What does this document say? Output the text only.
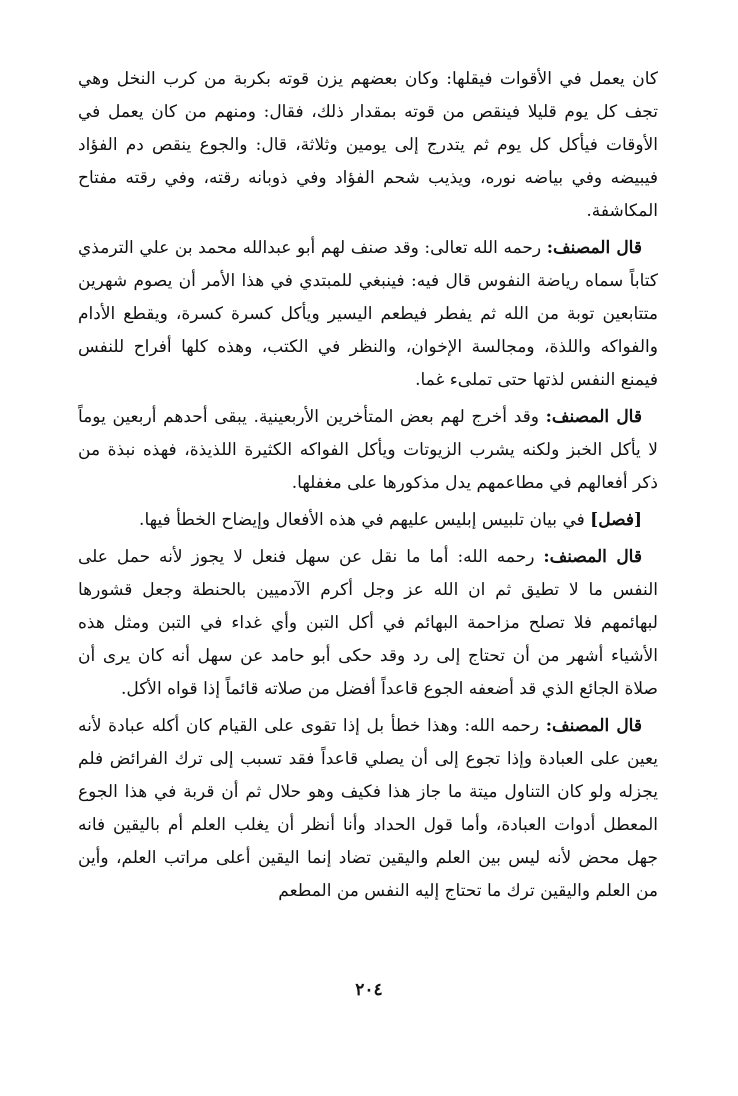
كان يعمل في الأقوات فيقلها: وكان بعضهم يزن قوته بكربة من كرب النخل وهي تجف كل يوم قليلا فينقص من قوته بمقدار ذلك، فقال: ومنهم من كان يعمل في الأوقات فيأكل كل يوم ثم يتدرج إلى يومين وثلاثة، قال: والجوع ينقص دم الفؤاد فيبيضه وفي بياضه نوره، ويذيب شحم الفؤاد وفي ذوبانه رقته، وفي رقته مفتاح المكاشفة.

قال المصنف: رحمه الله تعالى: وقد صنف لهم أبو عبدالله محمد بن علي الترمذي كتاباً سماه رياضة النفوس قال فيه: فينبغي للمبتدي في هذا الأمر أن يصوم شهرين متتابعين توبة من الله ثم يفطر فيطعم اليسير ويأكل كسرة كسرة، ويقطع الأدام والفواكه واللذة، ومجالسة الإخوان، والنظر في الكتب، وهذه كلها أفراح للنفس فيمنع النفس لذتها حتى تملىء غما.

قال المصنف: وقد أخرج لهم بعض المتأخرين الأربعينية. يبقى أحدهم أربعين يوماً لا يأكل الخبز ولكنه يشرب الزيوتات ويأكل الفواكه الكثيرة اللذيذة، فهذه نبذة من ذكر أفعالهم في مطاعمهم يدل مذكورها على مغفلها.

[فصل] في بيان تلبيس إبليس عليهم في هذه الأفعال وإيضاح الخطأ فيها.

قال المصنف: رحمه الله: أما ما نقل عن سهل فنعل لا يجوز لأنه حمل على النفس ما لا تطيق ثم ان الله عز وجل أكرم الآدميين بالحنطة وجعل قشورها لبهائمهم فلا تصلح مزاحمة البهائم في أكل التبن وأي غداء في التبن ومثل هذه الأشياء أشهر من أن تحتاج إلى رد وقد حكى أبو حامد عن سهل أنه كان يرى أن صلاة الجائع الذي قد أضعفه الجوع قاعداً أفضل من صلاته قائماً إذا قواه الأكل.

قال المصنف: رحمه الله: وهذا خطأ بل إذا تقوى على القيام كان أكله عبادة لأنه يعين على العبادة وإذا تجوع إلى أن يصلي قاعداً فقد تسبب إلى ترك الفرائض فلم يجزله ولو كان التناول ميتة ما جاز هذا فكيف وهو حلال ثم أن قربة في هذا الجوع المعطل أدوات العبادة، وأما قول الحداد وأنا أنظر أن يغلب العلم أم باليقين فانه جهل محض لأنه ليس بين العلم واليقين تضاد إنما اليقين أعلى مراتب العلم، وأين من العلم واليقين ترك ما تحتاج إليه النفس من المطعم

٢٠٤
